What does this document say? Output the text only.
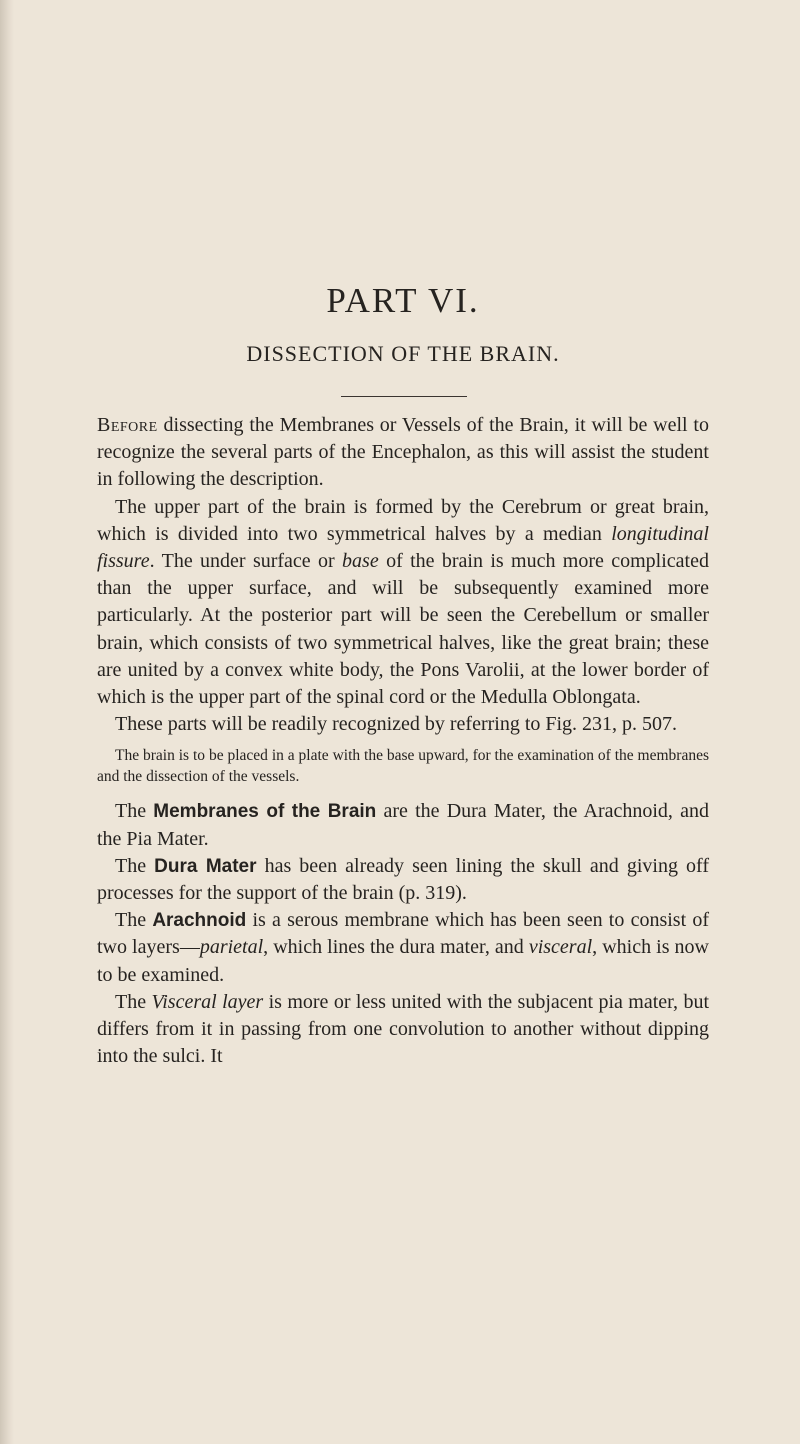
PART VI.
DISSECTION OF THE BRAIN.

Before dissecting the Membranes or Vessels of the Brain, it will be well to recognize the several parts of the Encephalon, as this will assist the student in following the description.

The upper part of the brain is formed by the Cerebrum or great brain, which is divided into two symmetrical halves by a median longitudinal fissure. The under surface or base of the brain is much more complicated than the upper surface, and will be subsequently examined more particularly. At the posterior part will be seen the Cerebellum or smaller brain, which consists of two symmetrical halves, like the great brain; these are united by a convex white body, the Pons Varolii, at the lower border of which is the upper part of the spinal cord or the Medulla Oblongata.

These parts will be readily recognized by referring to Fig. 231, p. 507.

The brain is to be placed in a plate with the base upward, for the examination of the membranes and the dissection of the vessels.

The Membranes of the Brain are the Dura Mater, the Arachnoid, and the Pia Mater.

The Dura Mater has been already seen lining the skull and giving off processes for the support of the brain (p. 319).

The Arachnoid is a serous membrane which has been seen to consist of two layers—parietal, which lines the dura mater, and visceral, which is now to be examined.

The Visceral layer is more or less united with the subjacent pia mater, but differs from it in passing from one convolution to another without dipping into the sulci. It
